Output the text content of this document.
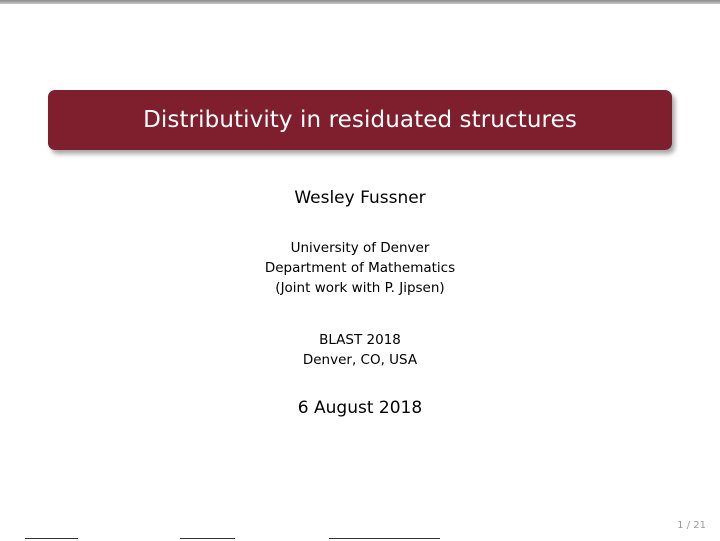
Distributivity in residuated structures
Wesley Fussner
University of Denver
Department of Mathematics
(Joint work with P. Jipsen)
BLAST 2018
Denver, CO, USA
6 August 2018
1 / 21
